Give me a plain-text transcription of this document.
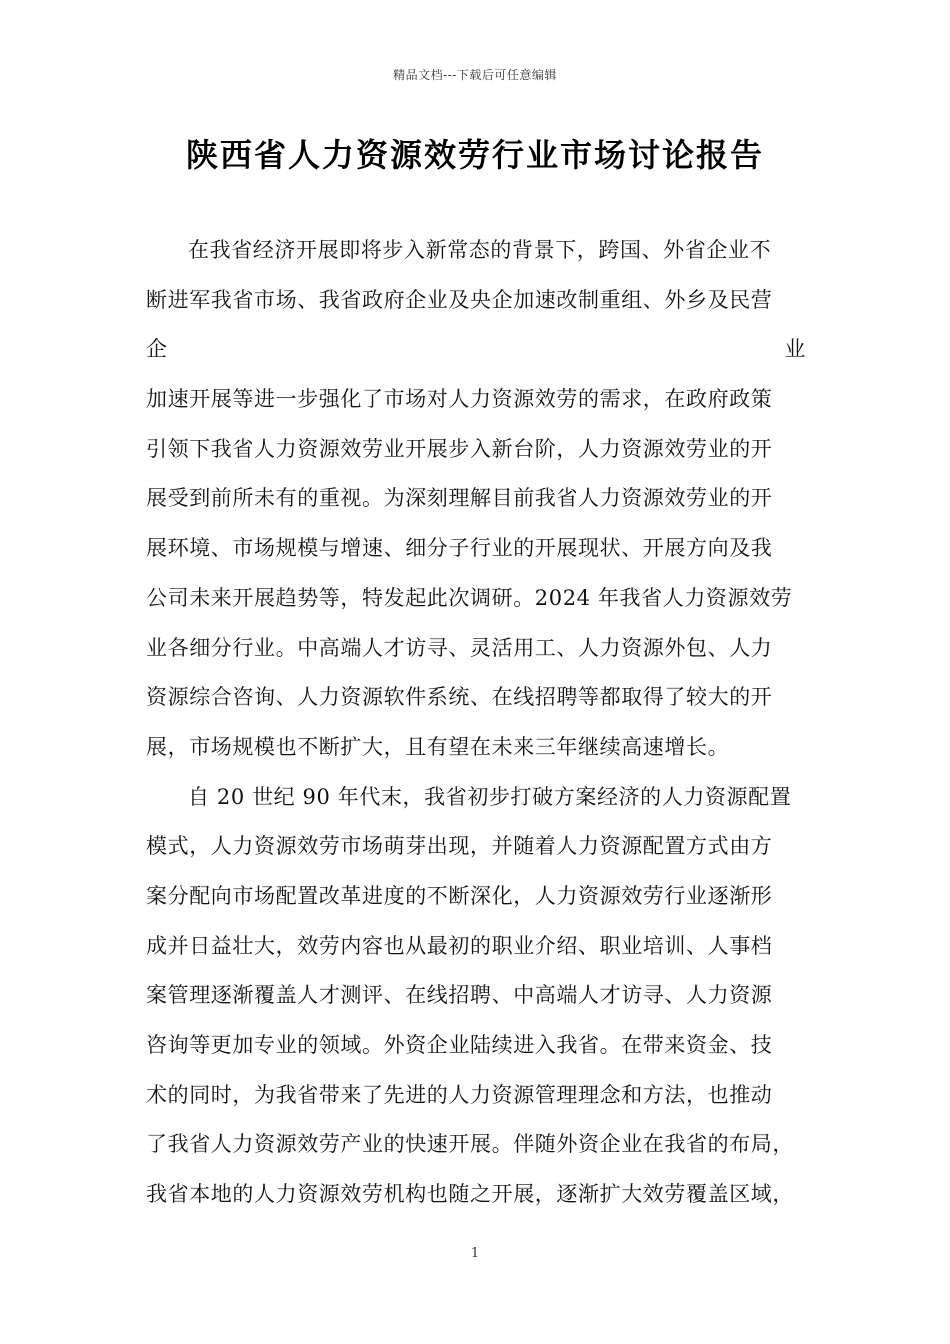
精品文档---下载后可任意编辑
陕西省人力资源效劳行业市场讨论报告
在我省经济开展即将步入新常态的背景下，跨国、外省企业不
断进军我省市场、我省政府企业及央企加速改制重组、外乡及民营
企	业
加速开展等进一步强化了市场对人力资源效劳的需求，在政府政策
引领下我省人力资源效劳业开展步入新台阶，人力资源效劳业的开
展受到前所未有的重视。为深刻理解目前我省人力资源效劳业的开
展环境、市场规模与增速、细分子行业的开展现状、开展方向及我
公司未来开展趋势等，特发起此次调研。2024 年我省人力资源效劳
业各细分行业。中高端人才访寻、灵活用工、人力资源外包、人力
资源综合咨询、人力资源软件系统、在线招聘等都取得了较大的开
展，市场规模也不断扩大，且有望在未来三年继续高速增长。
自 20 世纪 90 年代末，我省初步打破方案经济的人力资源配置
模式，人力资源效劳市场萌芽出现，并随着人力资源配置方式由方
案分配向市场配置改革进度的不断深化，人力资源效劳行业逐渐形
成并日益壮大，效劳内容也从最初的职业介绍、职业培训、人事档
案管理逐渐覆盖人才测评、在线招聘、中高端人才访寻、人力资源
咨询等更加专业的领域。外资企业陆续进入我省。在带来资金、技
术的同时，为我省带来了先进的人力资源管理理念和方法，也推动
了我省人力资源效劳产业的快速开展。伴随外资企业在我省的布局，
我省本地的人力资源效劳机构也随之开展，逐渐扩大效劳覆盖区域，
1
